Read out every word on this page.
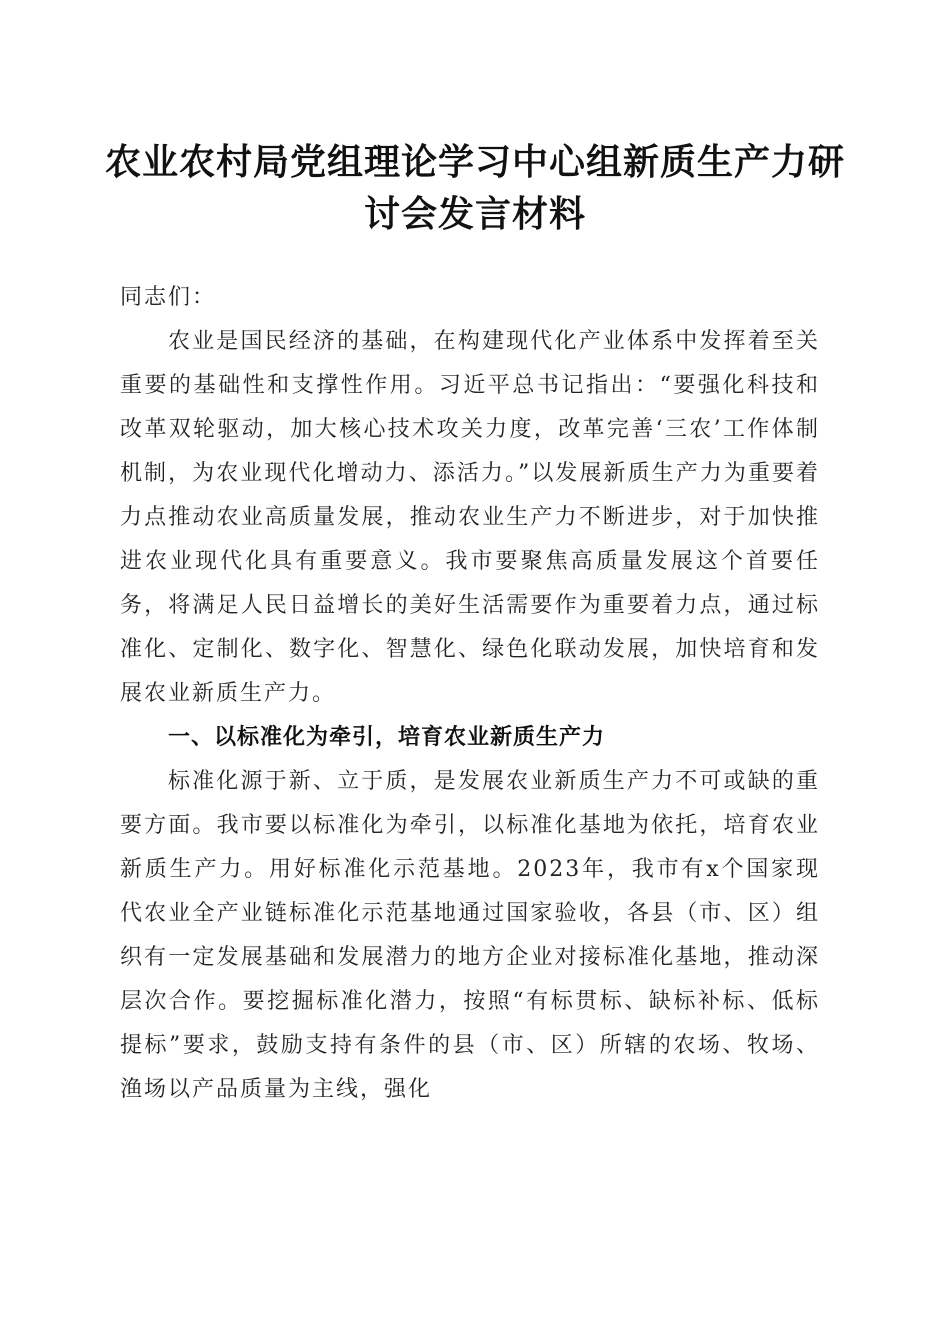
农业农村局党组理论学习中心组新质生产力研讨会发言材料

同志们：

农业是国民经济的基础，在构建现代化产业体系中发挥着至关重要的基础性和支撑性作用。习近平总书记指出：“要强化科技和改革双轮驱动，加大核心技术攻关力度，改革完善‘三农’工作体制机制，为农业现代化增动力、添活力。”以发展新质生产力为重要着力点推动农业高质量发展，推动农业生产力不断进步，对于加快推进农业现代化具有重要意义。我市要聚焦高质量发展这个首要任务，将满足人民日益增长的美好生活需要作为重要着力点，通过标准化、定制化、数字化、智慧化、绿色化联动发展，加快培育和发展农业新质生产力。

一、以标准化为牵引，培育农业新质生产力

标准化源于新、立于质，是发展农业新质生产力不可或缺的重要方面。我市要以标准化为牵引，以标准化基地为依托，培育农业新质生产力。用好标准化示范基地。2023年，我市有x个国家现代农业全产业链标准化示范基地通过国家验收，各县（市、区）组织有一定发展基础和发展潜力的地方企业对接标准化基地，推动深层次合作。要挖掘标准化潜力，按照“有标贯标、缺标补标、低标提标”要求，鼓励支持有条件的县（市、区）所辖的农场、牧场、渔场以产品质量为主线，强化
